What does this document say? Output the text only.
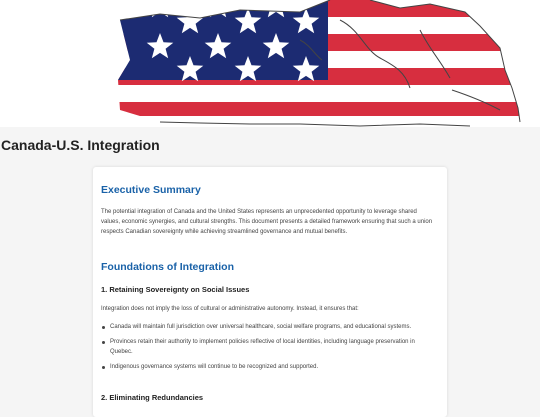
Canada-U.S. Integration
Executive Summary

The potential integration of Canada and the United States represents an unprecedented opportunity to leverage shared values, economic synergies, and cultural strengths. This document presents a detailed framework ensuring that such a union respects Canadian sovereignty while achieving streamlined governance and mutual benefits.

Foundations of Integration
1. Retaining Sovereignty on Social Issues

Integration does not imply the loss of cultural or administrative autonomy. Instead, it ensures that:

Canada will maintain full jurisdiction over universal healthcare, social welfare programs, and educational systems.
Provinces retain their authority to implement policies reflective of local identities, including language preservation in Quebec.
Indigenous governance systems will continue to be recognized and supported.
2. Eliminating Redundancies
